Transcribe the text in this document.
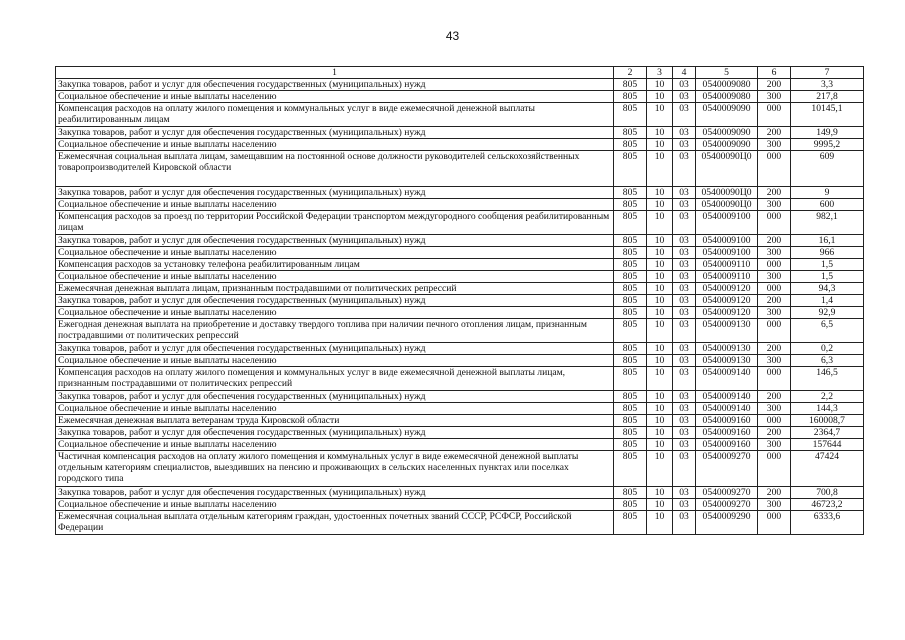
43
1	2	3	4	5	6	7
Закупка товаров, работ и услуг для обеспечения государственных (муниципальных) нужд	805	10	03	0540009080	200	3,3
Социальное обеспечение и иные выплаты населению	805	10	03	0540009080	300	217,8
Компенсация расходов на оплату жилого помещения и коммунальных услуг в виде ежемесячной денежной выплаты реабилитированным лицам	805	10	03	0540009090	000	10145,1
Закупка товаров, работ и услуг для обеспечения государственных (муниципальных) нужд	805	10	03	0540009090	200	149,9
Социальное обеспечение и иные выплаты населению	805	10	03	0540009090	300	9995,2
Ежемесячная социальная выплата лицам, замещавшим на постоянной основе должности руководителей сельскохозяйственных товаропроизводителей Кировской области	805	10	03	05400090Ц0	000	609
Закупка товаров, работ и услуг для обеспечения государственных (муниципальных) нужд	805	10	03	05400090Ц0	200	9
Социальное обеспечение и иные выплаты населению	805	10	03	05400090Ц0	300	600
Компенсация расходов за проезд по территории Российской Федерации транспортом междугородного сообщения реабилитированным лицам	805	10	03	0540009100	000	982,1
Закупка товаров, работ и услуг для обеспечения государственных (муниципальных) нужд	805	10	03	0540009100	200	16,1
Социальное обеспечение и иные выплаты населению	805	10	03	0540009100	300	966
Компенсация расходов за установку телефона реабилитированным лицам	805	10	03	0540009110	000	1,5
Социальное обеспечение и иные выплаты населению	805	10	03	0540009110	300	1,5
Ежемесячная денежная выплата лицам, признанным пострадавшими от политических репрессий	805	10	03	0540009120	000	94,3
Закупка товаров, работ и услуг для обеспечения государственных (муниципальных) нужд	805	10	03	0540009120	200	1,4
Социальное обеспечение и иные выплаты населению	805	10	03	0540009120	300	92,9
Ежегодная денежная выплата на приобретение и доставку твердого топлива при наличии печного отопления лицам, признанным пострадавшими от политических репрессий	805	10	03	0540009130	000	6,5
Закупка товаров, работ и услуг для обеспечения государственных (муниципальных) нужд	805	10	03	0540009130	200	0,2
Социальное обеспечение и иные выплаты населению	805	10	03	0540009130	300	6,3
Компенсация расходов на оплату жилого помещения и коммунальных услуг в виде ежемесячной денежной выплаты лицам, признанным пострадавшими от политических репрессий	805	10	03	0540009140	000	146,5
Закупка товаров, работ и услуг для обеспечения государственных (муниципальных) нужд	805	10	03	0540009140	200	2,2
Социальное обеспечение и иные выплаты населению	805	10	03	0540009140	300	144,3
Ежемесячная денежная выплата ветеранам труда Кировской области	805	10	03	0540009160	000	160008,7
Закупка товаров, работ и услуг для обеспечения государственных (муниципальных) нужд	805	10	03	0540009160	200	2364,7
Социальное обеспечение и иные выплаты населению	805	10	03	0540009160	300	157644
Частичная компенсация расходов на оплату жилого помещения и коммунальных услуг в виде ежемесячной денежной выплаты отдельным категориям специалистов, выездивших на пенсию и проживающих в сельских населенных пунктах или поселках городского типа	805	10	03	0540009270	000	47424
Закупка товаров, работ и услуг для обеспечения государственных (муниципальных) нужд	805	10	03	0540009270	200	700,8
Социальное обеспечение и иные выплаты населению	805	10	03	0540009270	300	46723,2
Ежемесячная социальная выплата отдельным категориям граждан, удостоенных почетных званий СССР, РСФСР, Российской Федерации	805	10	03	0540009290	000	6333,6
